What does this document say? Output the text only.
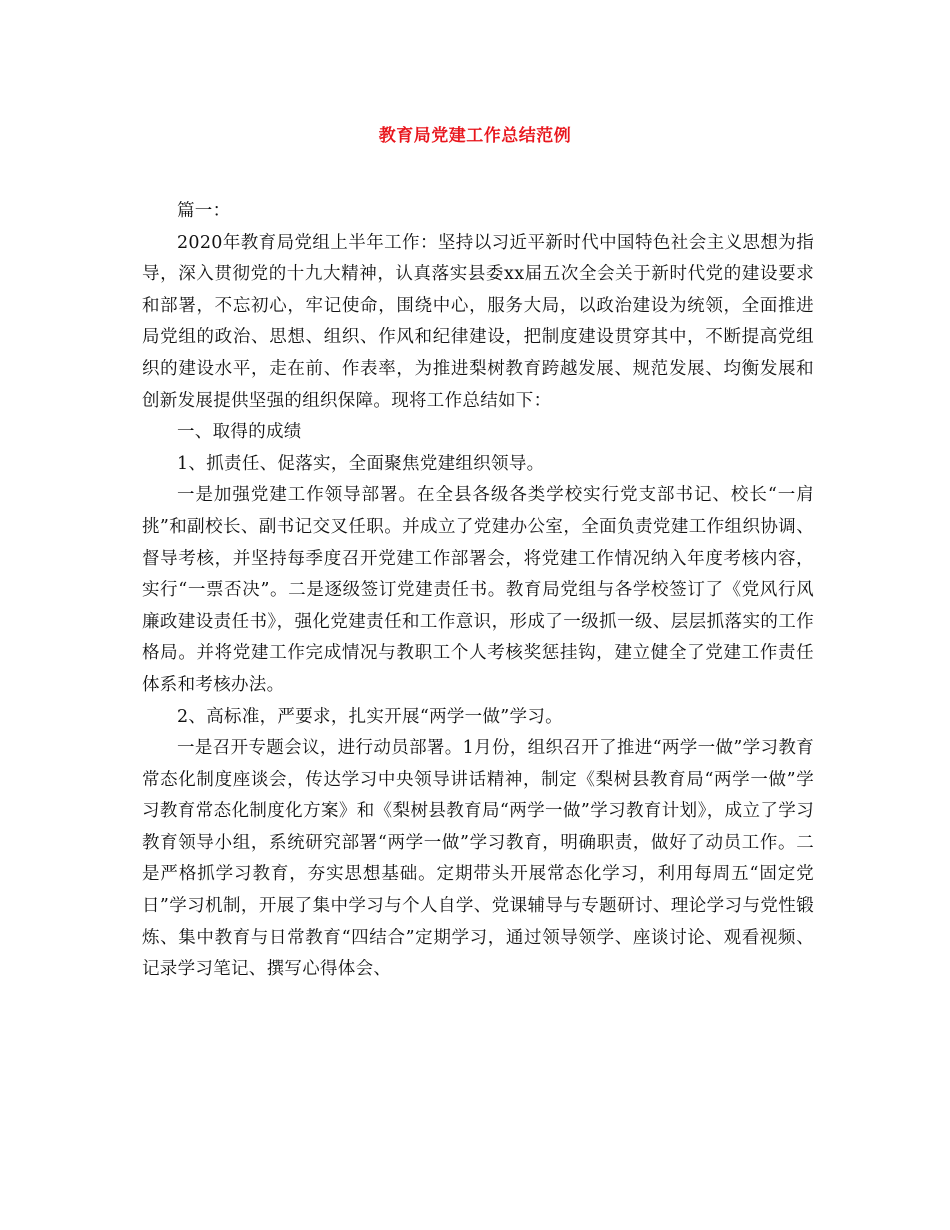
教育局党建工作总结范例

篇一：

2020年教育局党组上半年工作：坚持以习近平新时代中国特色社会主义思想为指导，深入贯彻党的十九大精神，认真落实县委xx届五次全会关于新时代党的建设要求和部署，不忘初心，牢记使命，围绕中心，服务大局，以政治建设为统领，全面推进局党组的政治、思想、组织、作风和纪律建设，把制度建设贯穿其中，不断提高党组织的建设水平，走在前、作表率，为推进梨树教育跨越发展、规范发展、均衡发展和创新发展提供坚强的组织保障。现将工作总结如下：

一、取得的成绩

1、抓责任、促落实，全面聚焦党建组织领导。

一是加强党建工作领导部署。在全县各级各类学校实行党支部书记、校长“一肩挑”和副校长、副书记交叉任职。并成立了党建办公室，全面负责党建工作组织协调、督导考核，并坚持每季度召开党建工作部署会，将党建工作情况纳入年度考核内容，实行“一票否决”。二是逐级签订党建责任书。教育局党组与各学校签订了《党风行风廉政建设责任书》，强化党建责任和工作意识，形成了一级抓一级、层层抓落实的工作格局。并将党建工作完成情况与教职工个人考核奖惩挂钩，建立健全了党建工作责任体系和考核办法。

2、高标准，严要求，扎实开展“两学一做”学习。

一是召开专题会议，进行动员部署。1月份，组织召开了推进“两学一做”学习教育常态化制度座谈会，传达学习中央领导讲话精神，制定《梨树县教育局“两学一做”学习教育常态化制度化方案》和《梨树县教育局“两学一做”学习教育计划》，成立了学习教育领导小组，系统研究部署“两学一做”学习教育，明确职责，做好了动员工作。二是严格抓学习教育，夯实思想基础。定期带头开展常态化学习，利用每周五“固定党日”学习机制，开展了集中学习与个人自学、党课辅导与专题研讨、理论学习与党性锻炼、集中教育与日常教育“四结合”定期学习，通过领导领学、座谈讨论、观看视频、记录学习笔记、撰写心得体会、
